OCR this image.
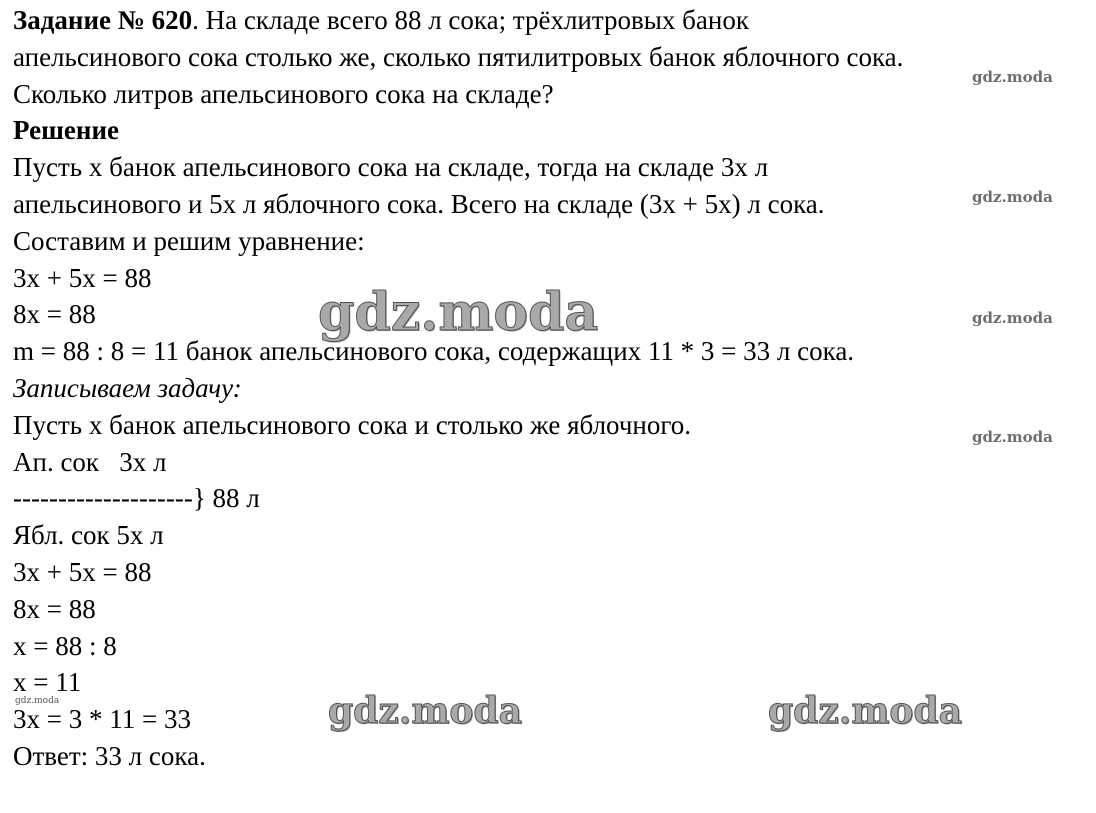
Задание № 620. На складе всего 88 л сока; трёхлитровых банок
апельсинового сока столько же, сколько пятилитровых банок яблочного сока.
Сколько литров апельсинового сока на складе?
Решение
Пусть х банок апельсинового сока на складе, тогда на складе 3х л
апельсинового и 5х л яблочного сока. Всего на складе (3х + 5х) л сока.
Составим и решим уравнение:
3х + 5х = 88
8х = 88
m = 88 : 8 = 11 банок апельсинового сока, содержащих 11 * 3 = 33 л сока.
Записываем задачу:
Пусть х банок апельсинового сока и столько же яблочного.
Ап. сок   3х л
--------------------} 88 л
Ябл. сок 5х л
3х + 5х = 88
8х = 88
х = 88 : 8
х = 11
3х = 3 * 11 = 33
Ответ: 33 л сока.
gdz.moda
gdz.moda
gdz.moda
gdz.moda
gdz.moda
gdz.moda	gdz.moda
gdz.moda
